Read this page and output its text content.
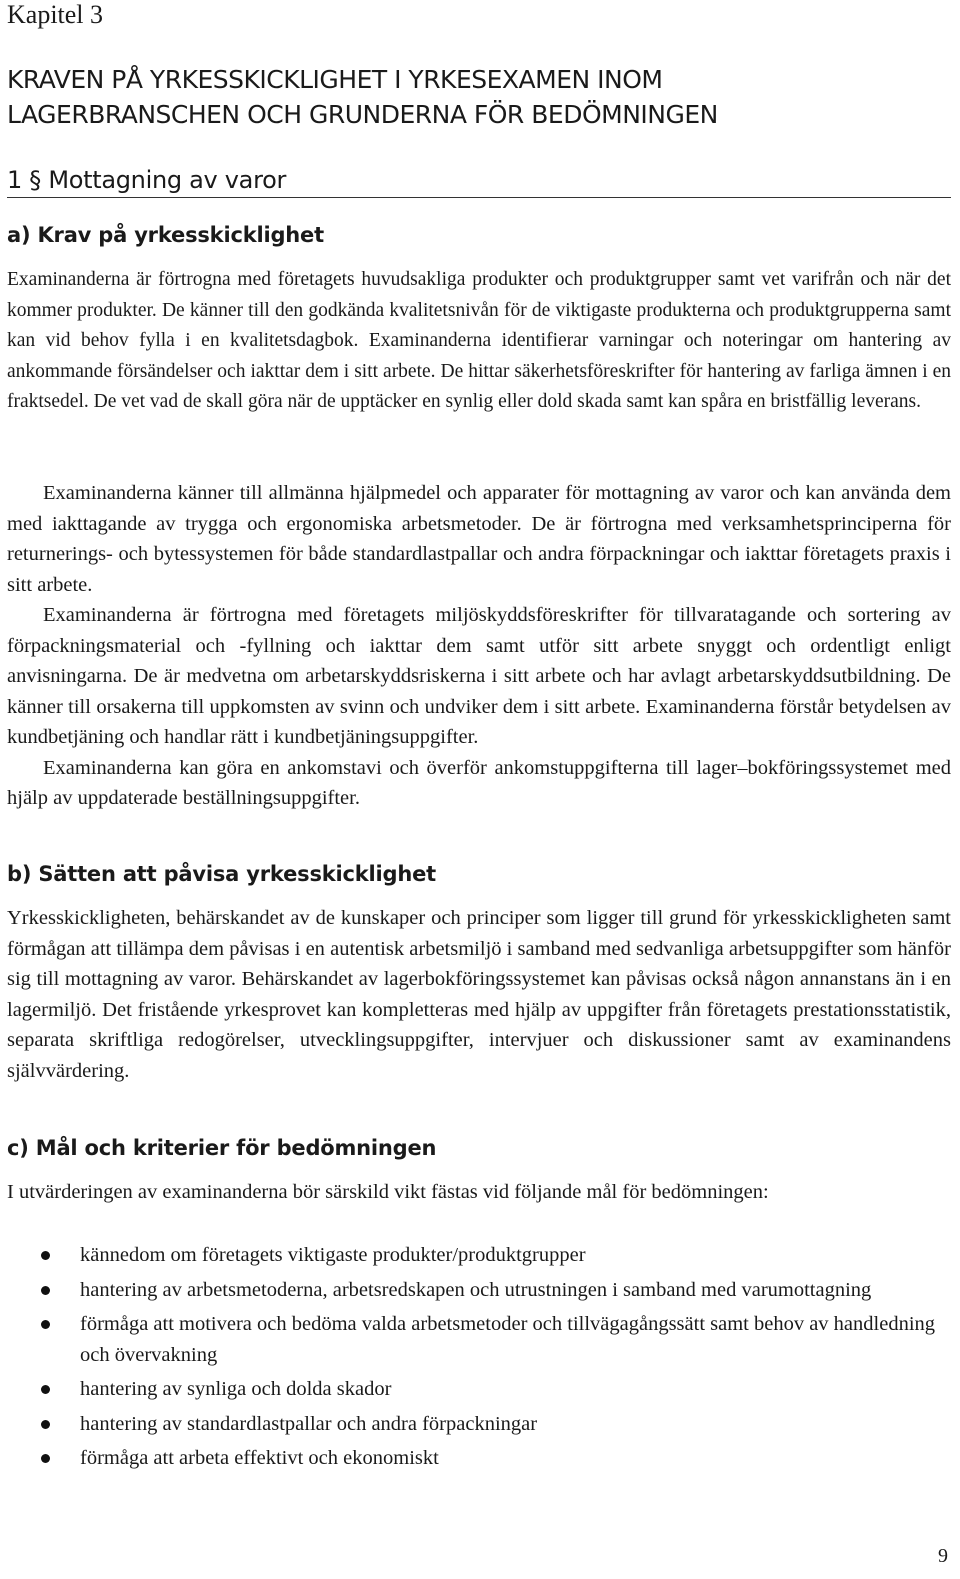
Kapitel 3
KRAVEN PÅ YRKESSKICKLIGHET I YRKESEXAMEN INOM
LAGERBRANSCHEN OCH GRUNDERNA FÖR BEDÖMNINGEN
1 § Mottagning av varor
a) Krav på yrkesskicklighet
Examinanderna är förtrogna med företagets huvudsakliga produkter och produktgrupper samt vet varifrån och när det kommer produkter. De känner till den godkända kvalitetsnivån för de viktigaste produkterna och produktgrupperna samt kan vid behov fylla i en kvalitetsdagbok. Examinanderna identifierar varningar och noteringar om hantering av ankommande försändelser och iakttar dem i sitt arbete. De hittar säkerhetsföreskrifter för hantering av farliga ämnen i en fraktsedel. De vet vad de skall göra när de upptäcker en synlig eller dold skada samt kan spåra en bristfällig leverans.
Examinanderna känner till allmänna hjälpmedel och apparater för mottagning av varor och kan använda dem med iakttagande av trygga och ergonomiska arbetsmetoder. De är förtrogna med verksamhetsprinciperna för returnerings- och bytessystemen för både standardlastpallar och andra förpackningar och iakttar företagets praxis i sitt arbete.
Examinanderna är förtrogna med företagets miljöskyddsföreskrifter för tillvaratagande och sortering av förpackningsmaterial och -fyllning och iakttar dem samt utför sitt arbete snyggt och ordentligt enligt anvisningarna. De är medvetna om arbetarskyddsriskerna i sitt arbete och har avlagt arbetarskyddsutbildning. De känner till orsakerna till uppkomsten av svinn och undviker dem i sitt arbete. Examinanderna förstår betydelsen av kundbetjäning och handlar rätt i kundbetjäningsuppgifter.
Examinanderna kan göra en ankomstavi och överför ankomstuppgifterna till lager–bokföringssystemet med hjälp av uppdaterade beställningsuppgifter.
b) Sätten att påvisa yrkesskicklighet
Yrkesskickligheten, behärskandet av de kunskaper och principer som ligger till grund för yrkesskickligheten samt förmågan att tillämpa dem påvisas i en autentisk arbetsmiljö i samband med sedvanliga arbetsuppgifter som hänför sig till mottagning av varor. Behärskandet av lagerbokföringssystemet kan påvisas också någon annanstans än i en lagermiljö. Det fristående yrkesprovet kan kompletteras med hjälp av uppgifter från företagets prestationsstatistik, separata skriftliga redogörelser, utvecklingsuppgifter, intervjuer och diskussioner samt av examinandens självvärdering.
c) Mål och kriterier för bedömningen
I utvärderingen av examinanderna bör särskild vikt fästas vid följande mål för bedömningen:
kännedom om företagets viktigaste produkter/produktgrupper
hantering av arbetsmetoderna, arbetsredskapen och utrustningen i samband med varumottagning
förmåga att motivera och bedöma valda arbetsmetoder och tillvägagångssätt samt behov av handledning och övervakning
hantering av synliga och dolda skador
hantering av standardlastpallar och andra förpackningar
förmåga att arbeta effektivt och ekonomiskt
9
